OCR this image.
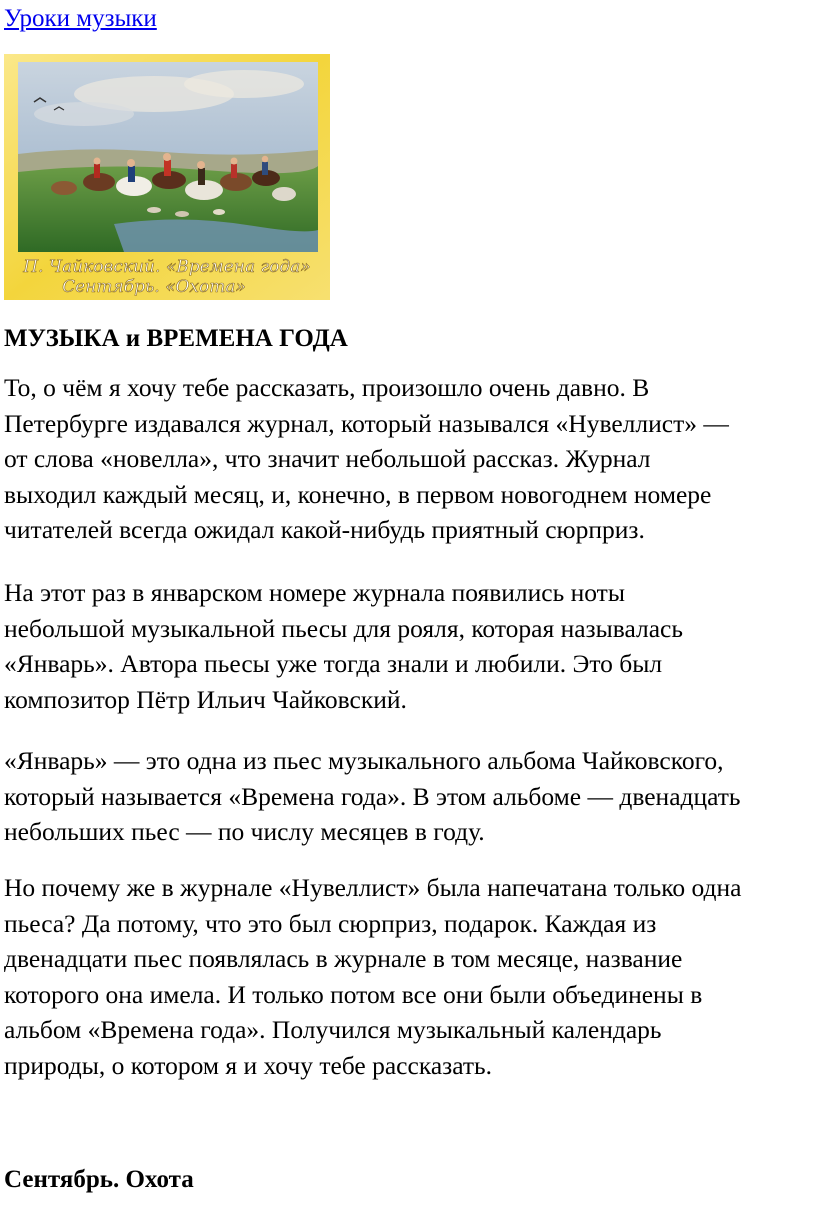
Уроки музыки
П. Чайковский. «Времена года»
Сентябрь. «Охота»
МУЗЫКА и ВРЕМЕНА ГОДА

То, о чём я хочу тебе рассказать, произошло очень давно. В
Петербурге издавался журнал, который назывался «Нувеллист» —
от слова «новелла», что значит небольшой рассказ. Журнал
выходил каждый месяц, и, конечно, в первом новогоднем номере
читателей всегда ожидал какой-нибудь приятный сюрприз.

На этот раз в январском номере журнала появились ноты
небольшой музыкальной пьесы для рояля, которая называлась
«Январь». Автора пьесы уже тогда знали и любили. Это был
композитор Пётр Ильич Чайковский.

«Январь» — это одна из пьес музыкального альбома Чайковского,
который называется «Времена года». В этом альбоме — двенадцать
небольших пьес — по числу месяцев в году.

Но почему же в журнале «Нувеллист» была напечатана только одна
пьеса? Да потому, что это был сюрприз, подарок. Каждая из
двенадцати пьес появлялась в журнале в том месяце, название
которого она имела. И только потом все они были объединены в
альбом «Времена года». Получился музыкальный календарь
природы, о котором я и хочу тебе рассказать.

Сентябрь. Охота
